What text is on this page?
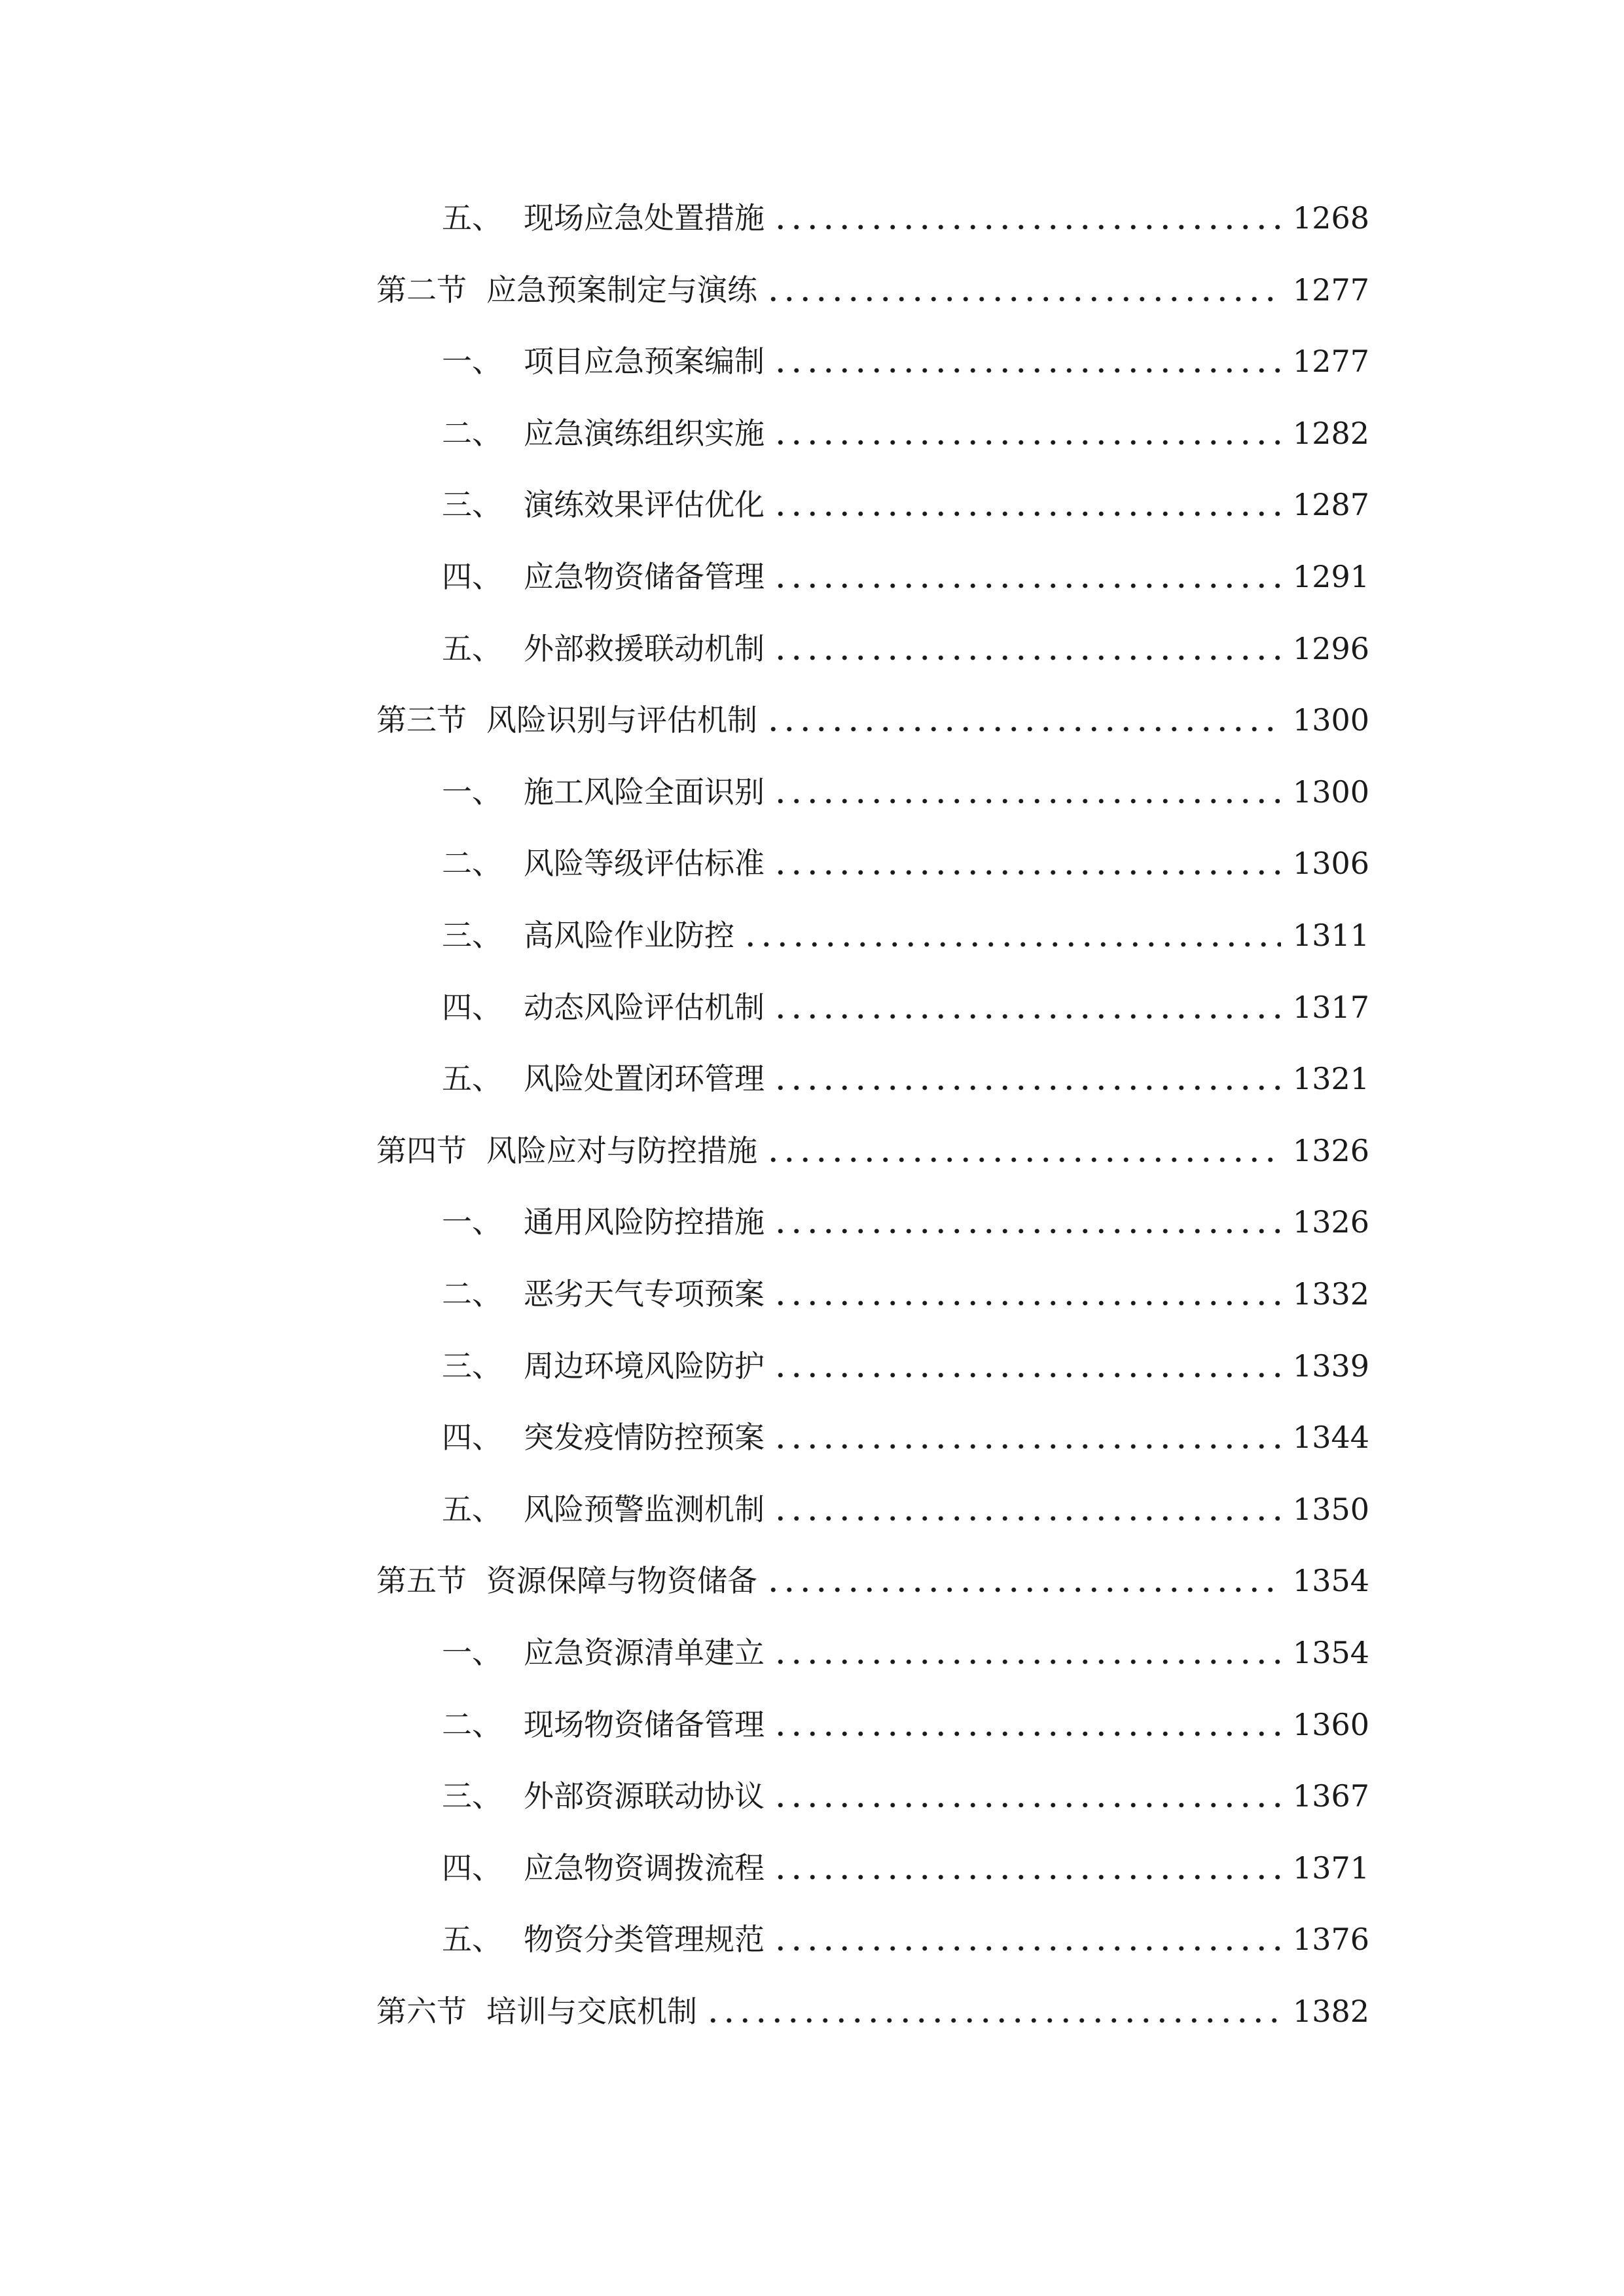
五、 现场应急处置措施	1268
第二节 应急预案制定与演练	1277
一、 项目应急预案编制	1277
二、 应急演练组织实施	1282
三、 演练效果评估优化	1287
四、 应急物资储备管理	1291
五、 外部救援联动机制	1296
第三节 风险识别与评估机制	1300
一、 施工风险全面识别	1300
二、 风险等级评估标准	1306
三、 高风险作业防控	1311
四、 动态风险评估机制	1317
五、 风险处置闭环管理	1321
第四节 风险应对与防控措施	1326
一、 通用风险防控措施	1326
二、 恶劣天气专项预案	1332
三、 周边环境风险防护	1339
四、 突发疫情防控预案	1344
五、 风险预警监测机制	1350
第五节 资源保障与物资储备	1354
一、 应急资源清单建立	1354
二、 现场物资储备管理	1360
三、 外部资源联动协议	1367
四、 应急物资调拨流程	1371
五、 物资分类管理规范	1376
第六节 培训与交底机制	1382
